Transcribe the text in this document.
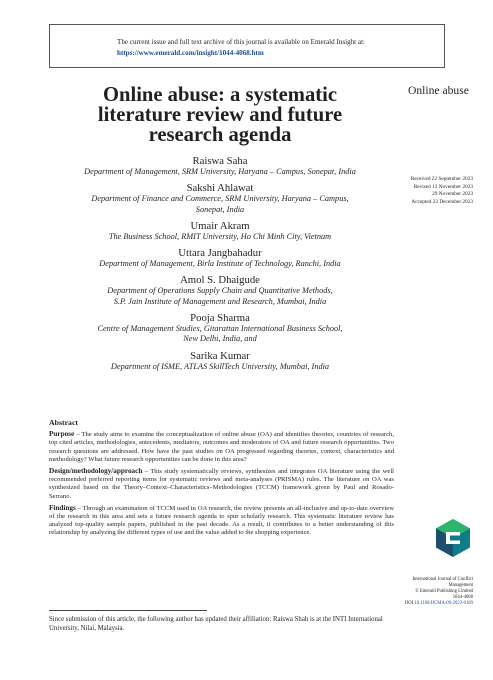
The current issue and full text archive of this journal is available on Emerald Insight at:
https://www.emerald.com/insight/1044-4068.htm
Online abuse
Received 22 September 2023
Revised 13 November 2023
29 November 2023
Accepted 23 December 2023
Online abuse: a systematic
literature review and future
research agenda
Raiswa Saha
Department of Management, SRM University, Haryana – Campus, Sonepat, India
Sakshi Ahlawat
Department of Finance and Commerce, SRM University, Haryana – Campus,
Sonepat, India
Umair Akram
The Business School, RMIT University, Ho Chi Minh City, Vietnam
Uttara Jangbahadur
Department of Management, Birla Institute of Technology, Ranchi, India
Amol S. Dhaigude
Department of Operations Supply Chain and Quantitative Methods,
S.P. Jain Institute of Management and Research, Mumbai, India
Pooja Sharma
Centre of Management Studies, Gitarattan International Business School,
New Delhi, India, and
Sarika Kumar
Department of ISME, ATLAS SkillTech University, Mumbai, India
Abstract

Purpose – The study aims to examine the conceptualization of online abuse (OA) and identifies theories, countries of research, top cited articles, methodologies, antecedents, mediators, outcomes and moderators of OA and future research opportunities. Two research questions are addressed. How have the past studies on OA progressed regarding theories, context, characteristics and methodology? What future research opportunities can be done in this area?

Design/methodology/approach – This study systematically reviews, synthesizes and integrates OA literature using the well recommended preferred reporting items for systematic reviews and meta-analyses (PRISMA) rules. The literature on OA was synthesized based on the Theory–Context–Characteristics–Methodologies (TCCM) framework given by Paul and Rosado-Serrano.

Findings – Through an examination of TCCM used in OA research, the review presents an all-inclusive and up-to-date overview of the research in this area and sets a future research agenda to spur scholarly research. This systematic literature review has analyzed top-quality sample papers, published in the past decade. As a result, it contributes to a better understanding of this relationship by analyzing the different types of use and the value added to the shopping experience.

Since submission of this article, the following author has updated their affiliation: Raiswa Shah is at the INTI International University, Nilai, Malaysia.
International Journal of Conflict
Management
© Emerald Publishing Limited
1044-4068
DOI 10.1108/IJCMA-09-2023-0189
